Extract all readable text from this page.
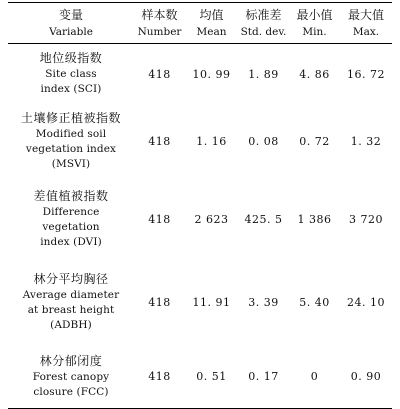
变量	样本数	均值	标准差	最小值	最大值
Variable	Number	Mean	Std. dev.	Min.	Max.

地位级指数
Site class
index (SCI)	418	10. 99	1. 89	4. 86	16. 72

土壤修正植被指数
Modified soil
vegetation index
(MSVI)	418	1. 16	0. 08	0. 72	1. 32

差值植被指数
Difference
vegetation
index (DVI)	418	2 623	425. 5	1 386	3 720

林分平均胸径
Average diameter
at breast height
(ADBH)	418	11. 91	3. 39	5. 40	24. 10

林分郁闭度
Forest canopy
closure (FCC)	418	0. 51	0. 17	0	0. 90
